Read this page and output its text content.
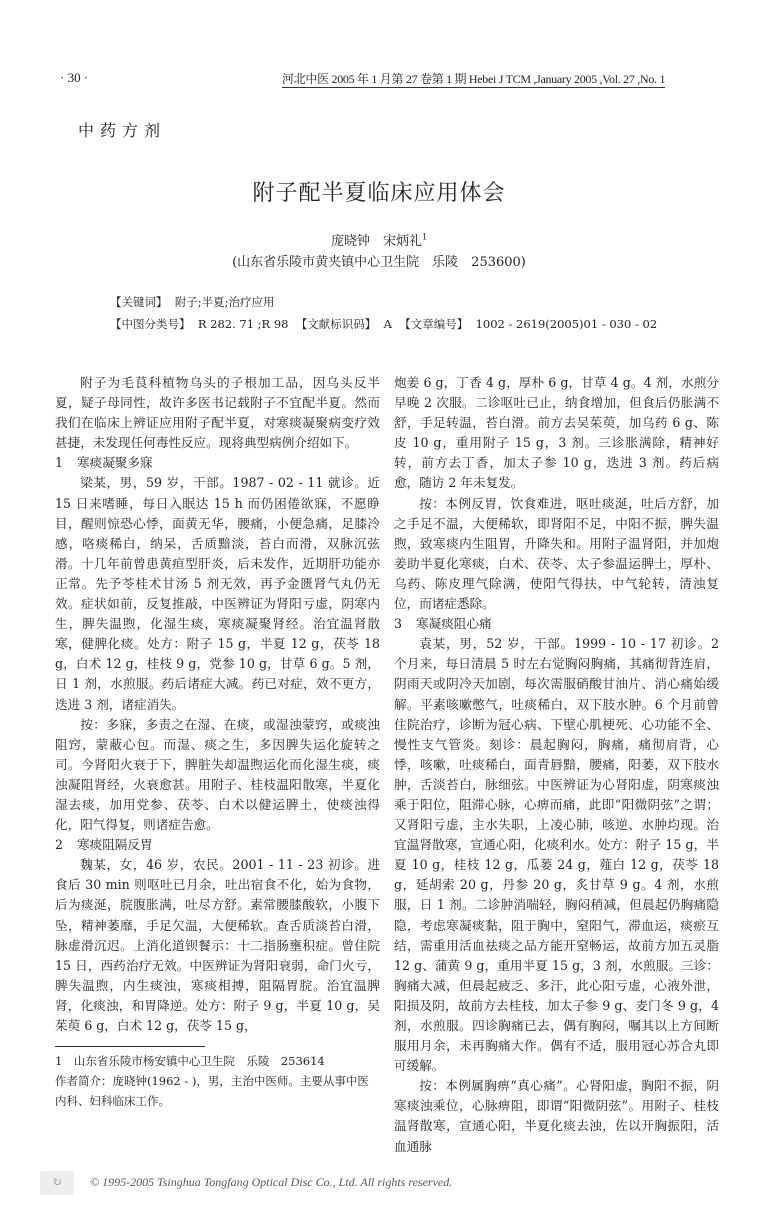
· 30 ·	河北中医 2005 年 1 月第 27 卷第 1 期 Hebei J TCM ,January 2005 ,Vol. 27 ,No. 1
中药方剂
附子配半夏临床应用体会
庞晓钟　宋炳礼$^1$
(山东省乐陵市黄夹镇中心卫生院　乐陵　253600)
【关键词】 附子;半夏;治疗应用
【中图分类号】 R 282. 71 ;R 98 【文献标识码】 A 【文章编号】 1002 - 2619(2005)01 - 030 - 02

附子为毛茛科植物乌头的子根加工品，因乌头反半夏，疑子母同性，故许多医书记载附子不宜配半夏。然而我们在临床上辨证应用附子配半夏，对寒痰凝聚病变疗效甚捷，未发现任何毒性反应。现将典型病例介绍如下。

1 寒痰凝聚多寐

梁某，男，59 岁，干部。1987 - 02 - 11 就诊。近 15 日来嗜睡，每日入眠达 15 h 而仍困倦欲寐，不愿睁目，醒则惊恐心悸，面黄无华，腰痛，小便急痛，足膝冷感，咯痰稀白，纳呆，舌质黯淡，苔白而滑，双脉沉弦滑。十几年前曾患黄疸型肝炎，后未发作，近期肝功能亦正常。先予苓桂术甘汤 5 剂无效，再予金匮肾气丸仍无效。症状如前，反复推敲，中医辨证为肾阳亏虚，阴寒内生，脾失温煦，化湿生痰，寒痰凝聚肾经。治宜温肾散寒，健脾化痰。处方：附子 15 g，半夏 12 g，茯苓 18 g，白术 12 g，桂枝 9 g，党参 10 g，甘草 6 g。5 剂，日 1 剂，水煎服。药后诸症大减。药已对症，效不更方，迭进 3 剂，诸症消失。

按：多寐，多责之在湿、在痰，或湿浊蒙窍，或痰浊阻窍，蒙蔽心包。而湿、痰之生，多因脾失运化旋转之司。今肾阳火衰于下，脾脏失却温煦运化而化湿生痰，痰浊凝阻肾经，火衰愈甚。用附子、桂枝温阳散寒，半夏化湿去痰，加用党参、茯苓、白术以健运脾土，使痰浊得化，阳气得复，则诸症告愈。

2 寒痰阻隔反胃

魏某，女，46 岁，农民。2001 - 11 - 23 初诊。进食后 30 min 则呕吐已月余，吐出宿食不化，始为食物，后为痰涎，脘腹胀满，吐尽方舒。素常腰膝酸软，小腹下坠，精神萎靡，手足欠温，大便稀软。查舌质淡苔白滑，脉虚滑沉迟。上消化道钡餐示：十二指肠壅积症。曾住院 15 日，西药治疗无效。中医辨证为肾阳衰弱，命门火亏，脾失温煦，内生痰浊，寒痰相搏，阻隔胃脘。治宜温脾肾，化痰浊，和胃降逆。处方：附子 9 g，半夏 10 g，吴茱萸 6 g，白术 12 g，茯苓 15 g，

1　山东省乐陵市杨安镇中心卫生院　乐陵　253614
作者简介：庞晓钟(1962 - )，男，主治中医师。主要从事中医内科、妇科临床工作。

炮姜 6 g，丁香 4 g，厚朴 6 g，甘草 4 g。4 剂，水煎分早晚 2 次服。二诊呕吐已止，纳食增加，但食后仍胀满不舒，手足转温，苔白滑。前方去吴茱萸，加乌药 6 g、陈皮 10 g，重用附子 15 g，3 剂。三诊胀满除，精神好转，前方去丁香，加太子参 10 g，迭进 3 剂。药后病愈，随访 2 年未复发。

按：本例反胃，饮食难进，呕吐痰涎，吐后方舒，加之手足不温，大便稀软，即肾阳不足，中阳不振，脾失温煦，致寒痰内生阻胃，升降失和。用附子温肾阳，并加炮姜助半夏化寒痰，白术、茯苓、太子参温运脾土，厚朴、乌药、陈皮理气除满，使阳气得扶，中气轮转，清浊复位，而诸症悉除。

3 寒凝痰阻心痛

袁某，男，52 岁，干部。1999 - 10 - 17 初诊。2 个月来，每日清晨 5 时左右觉胸闷胸痛，其痛彻背连肩，阴雨天或阴冷天加剧，每次需服硝酸甘油片、消心痛始缓解。平素咳嗽憋气，吐痰稀白，双下肢水肿。6 个月前曾住院治疗，诊断为冠心病、下壁心肌梗死、心功能不全、慢性支气管炎。刻诊：晨起胸闷，胸痛，痛彻肩背，心悸，咳嗽，吐痰稀白，面青唇黯，腰痛，阳萎，双下肢水肿，舌淡苔白，脉细弦。中医辨证为心肾阳虚，阴寒痰浊乘于阳位，阻滞心脉，心痹而痛，此即“阳微阴弦”之谓；又肾阳亏虚，主水失职，上凌心肺，咳逆、水肿均现。治宜温肾散寒，宣通心阳，化痰利水。处方：附子 15 g，半夏 10 g，桂枝 12 g，瓜蒌 24 g，薤白 12 g，茯苓 18 g，延胡索 20 g，丹参 20 g，炙甘草 9 g。4 剂，水煎服，日 1 剂。二诊肿消喘轻，胸闷稍减，但晨起仍胸痛隐隐，考虑寒凝痰黏，阻于胸中，窒阳气，滞血运，痰瘀互结，需重用活血祛痰之品方能开窒畅运，故前方加五灵脂 12 g、蒲黄 9 g，重用半夏 15 g，3 剂，水煎服。三诊：胸痛大减，但晨起疲乏、多汗，此心阳亏虚，心液外泄，阳损及阴，故前方去桂枝，加太子参 9 g、麦门冬 9 g，4 剂，水煎服。四诊胸痛已去，偶有胸闷，嘱其以上方间断服用月余，未再胸痛大作。偶有不适，服用冠心苏合丸即可缓解。

按：本例属胸痹“真心痛”。心肾阳虚，胸阳不振，阴寒痰浊乘位，心脉痹阻，即谓“阳微阴弦”。用附子、桂枝温肾散寒，宣通心阳，半夏化痰去浊，佐以开胸振阳，活血通脉

↻	© 1995-2005 Tsinghua Tongfang Optical Disc Co., Ltd. All rights reserved.
